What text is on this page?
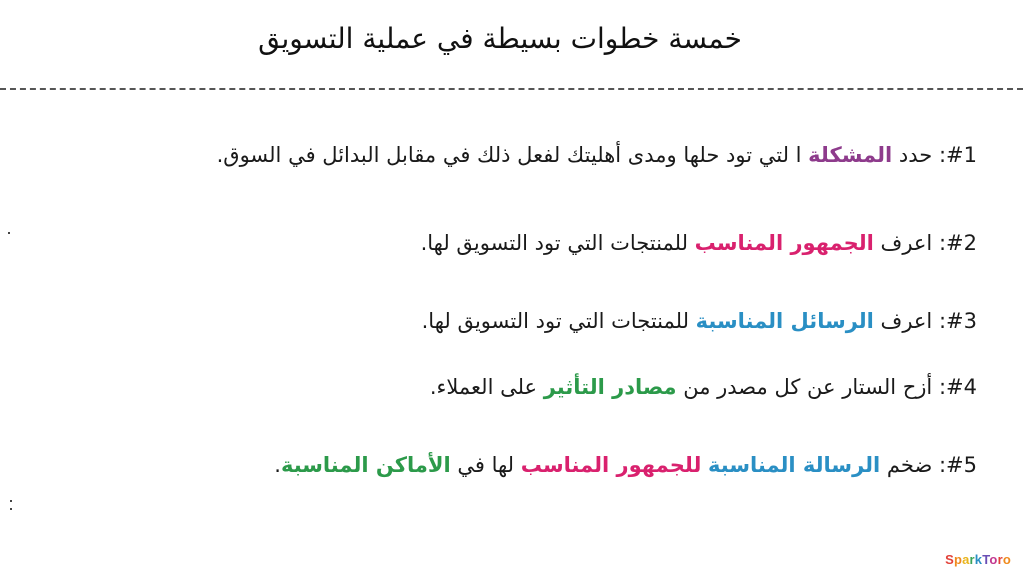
خمسة خطوات بسيطة في عملية التسويق
#1: حدد المشكلة ا لتي تود حلها ومدى أهليتك لفعل ذلك في مقابل البدائل في السوق.
#2: اعرف الجمهور المناسب للمنتجات التي تود التسويق لها.
#3: اعرف الرسائل المناسبة للمنتجات التي تود التسويق لها.
#4: أزح الستار عن كل مصدر من مصادر التأثير على العملاء.
#5: ضخم الرسالة المناسبة للجمهور المناسب لها في الأماكن المناسبة.
SparkToro
